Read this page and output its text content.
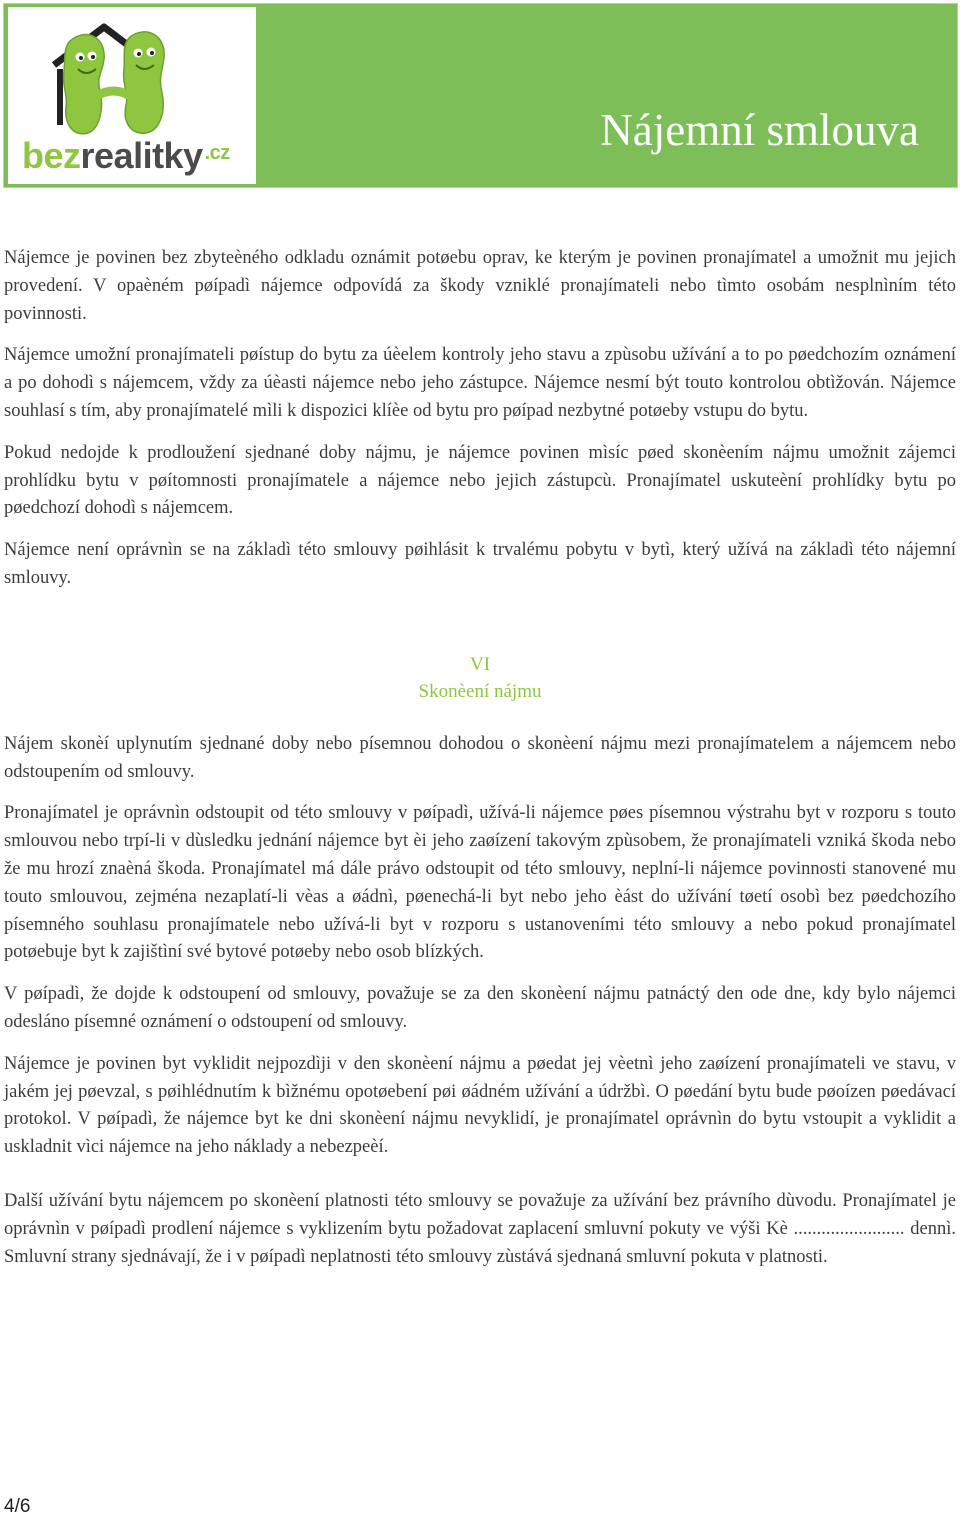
bezrealitky $^{.cz}$	Nájemní smlouva

Nájemce je povinen bez zbyteèného odkladu oznámit potøebu oprav, ke kterým je povinen pronajímatel a umožnit mu jejich provedení. V opaèném pøípadì nájemce odpovídá za škody vzniklé pronajímateli nebo tìmto osobám nesplnìním této povinnosti.

Nájemce umožní pronajímateli pøístup do bytu za úèelem kontroly jeho stavu a zpùsobu užívání a to po pøedchozím oznámení a po dohodì s nájemcem, vždy za úèasti nájemce nebo jeho zástupce. Nájemce nesmí být touto kontrolou obtìžován. Nájemce souhlasí s tím, aby pronajímatelé mìli k dispozici klíèe od bytu pro pøípad nezbytné potøeby vstupu do bytu.

Pokud nedojde k prodloužení sjednané doby nájmu, je nájemce povinen mìsíc pøed skonèením nájmu umožnit zájemci prohlídku bytu v pøítomnosti pronajímatele a nájemce nebo jejich zástupcù. Pronajímatel uskuteèní prohlídky bytu po pøedchozí dohodì s nájemcem.

Nájemce není oprávnìn se na základì této smlouvy pøihlásit k trvalému pobytu v bytì, který užívá na základì této nájemní smlouvy.

VI
Skonèení nájmu

Nájem skonèí uplynutím sjednané doby nebo písemnou dohodou o skonèení nájmu mezi pronajímatelem a nájemcem nebo odstoupením od smlouvy.

Pronajímatel je oprávnìn odstoupit od této smlouvy v pøípadì, užívá-li nájemce pøes písemnou výstrahu byt v rozporu s touto smlouvou nebo trpí-li v dùsledku jednání nájemce byt èi jeho zaøízení takovým zpùsobem, že pronajímateli vzniká škoda nebo že mu hrozí znaèná škoda. Pronajímatel má dále právo odstoupit od této smlouvy, neplní-li nájemce povinnosti stanovené mu touto smlouvou, zejména nezaplatí-li vèas a øádnì, pøenechá-li byt nebo jeho èást do užívání tøetí osobì bez pøedchozího písemného souhlasu pronajímatele nebo užívá-li byt v rozporu s ustanoveními této smlouvy a nebo pokud pronajímatel potøebuje byt k zajištìní své bytové potøeby nebo osob blízkých.

V pøípadì, že dojde k odstoupení od smlouvy, považuje se za den skonèení nájmu patnáctý den ode dne, kdy bylo nájemci odesláno písemné oznámení o odstoupení od smlouvy.

Nájemce je povinen byt vyklidit nejpozdìji v den skonèení nájmu a pøedat jej vèetnì jeho zaøízení pronajímateli ve stavu, v jakém jej pøevzal, s pøihlédnutím k bìžnému opotøebení pøi øádném užívání a údržbì. O pøedání bytu bude pøoízen pøedávací protokol. V pøípadì, že nájemce byt ke dni skonèení nájmu nevyklidí, je pronajímatel oprávnìn do bytu vstoupit a vyklidit a uskladnit vìci nájemce na jeho náklady a nebezpeèí.

Další užívání bytu nájemcem po skonèení platnosti této smlouvy se považuje za užívání bez právního dùvodu. Pronajímatel je oprávnìn v pøípadì prodlení nájemce s vyklizením bytu požadovat zaplacení smluvní pokuty ve výši Kè ........................ dennì. Smluvní strany sjednávají, že i v pøípadì neplatnosti této smlouvy zùstává sjednaná smluvní pokuta v platnosti.

4/6
